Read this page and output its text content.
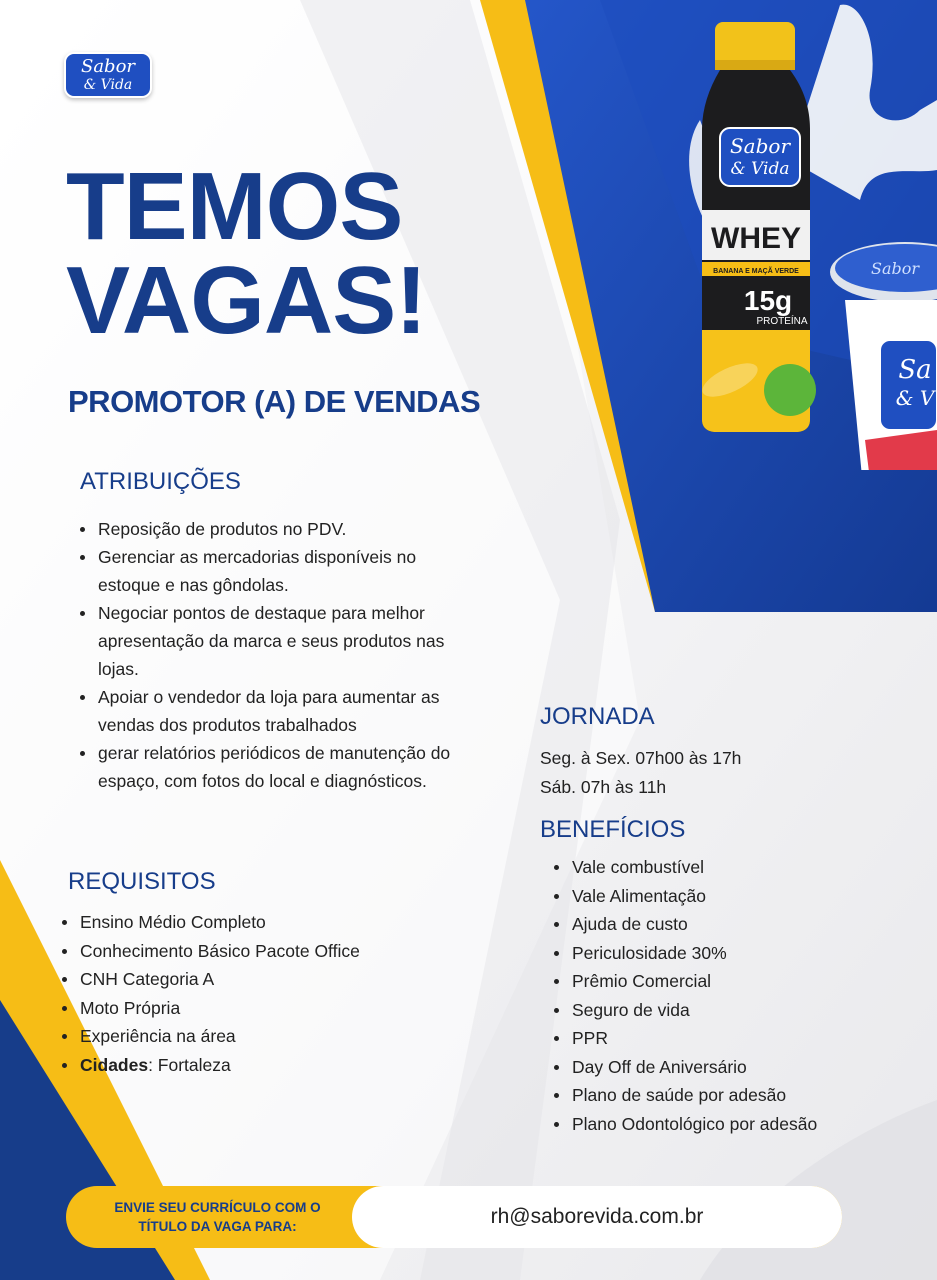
Sabor
& Vida
WHEY
BANANA E MAÇÃ VERDE
15g
PROTEÍNA
Sabor
Sa
& V
Sabor
& Vida
TEMOS
VAGAS!
PROMOTOR (A) DE VENDAS
ATRIBUIÇÕES
Reposição de produtos no PDV.
Gerenciar as mercadorias disponíveis no estoque e nas gôndolas.
Negociar pontos de destaque para melhor apresentação da marca e seus produtos nas lojas.
Apoiar o vendedor da loja para aumentar as vendas dos produtos trabalhados
gerar relatórios periódicos de manutenção do espaço, com fotos do local e diagnósticos.
REQUISITOS
Ensino Médio Completo
Conhecimento Básico Pacote Office
CNH Categoria A
Moto Própria
Experiência na área
Cidades: Fortaleza
JORNADA
Seg. à Sex. 07h00 às 17h
Sáb. 07h às 11h
BENEFÍCIOS
Vale combustível
Vale Alimentação
Ajuda de custo
Periculosidade 30%
Prêmio Comercial
Seguro de vida
PPR
Day Off de Aniversário
Plano de saúde por adesão
Plano Odontológico por adesão
ENVIE SEU CURRÍCULO COM O
TÍTULO DA VAGA PARA:	rh@saborevida.com.br
